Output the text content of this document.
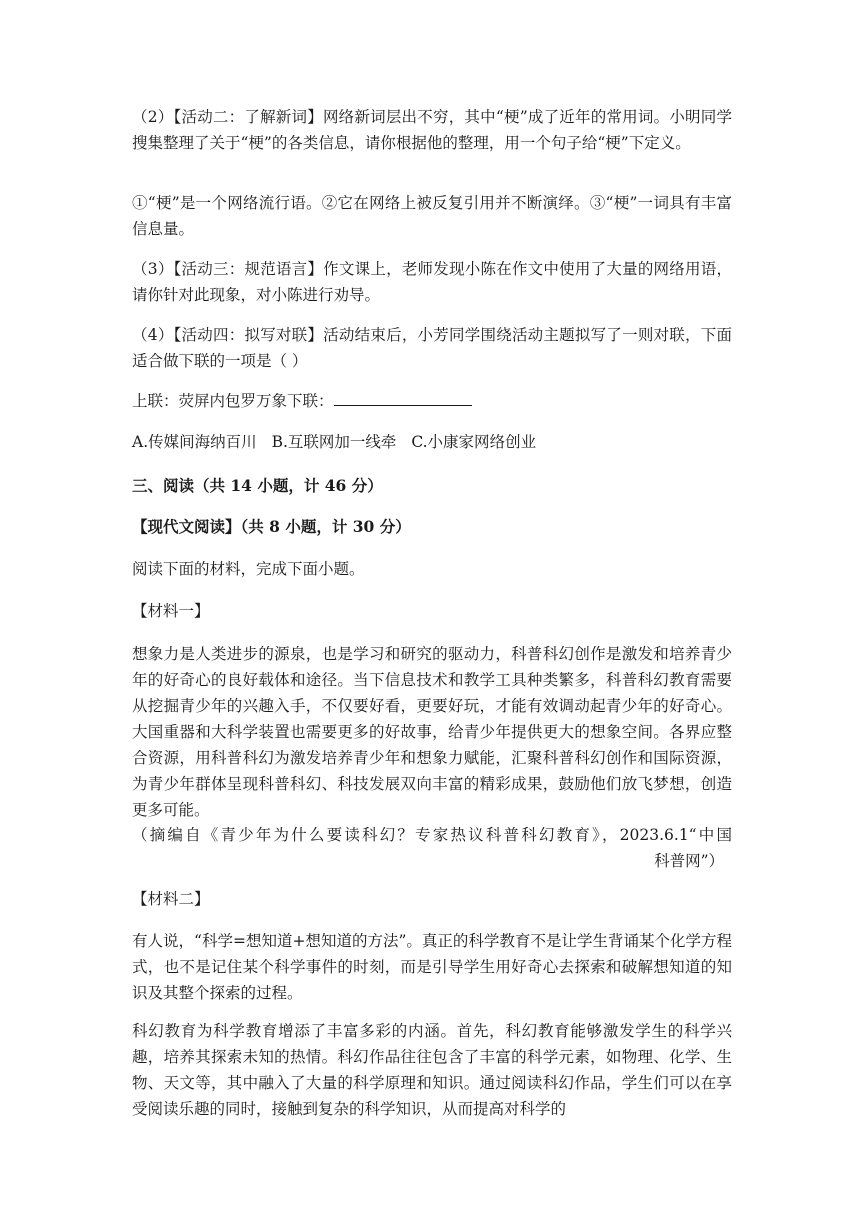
（2）【活动二：了解新词】网络新词层出不穷，其中“梗”成了近年的常用词。小明同学搜集整理了关于“梗”的各类信息，请你根据他的整理，用一个句子给“梗”下定义。

①“梗”是一个网络流行语。②它在网络上被反复引用并不断演绎。③“梗”一词具有丰富信息量。

（3）【活动三：规范语言】作文课上，老师发现小陈在作文中使用了大量的网络用语，请你针对此现象，对小陈进行劝导。

（4）【活动四：拟写对联】活动结束后，小芳同学围绕活动主题拟写了一则对联，下面适合做下联的一项是（ ）

上联：荧屏内包罗万象下联：

A.传媒间海纳百川 B.互联网加一线牵 C.小康家网络创业

三、阅读（共 14 小题，计 46 分）

【现代文阅读】（共 8 小题，计 30 分）

阅读下面的材料，完成下面小题。

【材料一】

想象力是人类进步的源泉，也是学习和研究的驱动力，科普科幻创作是激发和培养青少年的好奇心的良好载体和途径。当下信息技术和教学工具种类繁多，科普科幻教育需要从挖掘青少年的兴趣入手，不仅要好看，更要好玩，才能有效调动起青少年的好奇心。大国重器和大科学装置也需要更多的好故事，给青少年提供更大的想象空间。各界应整合资源，用科普科幻为激发培养青少年和想象力赋能，汇聚科普科幻创作和国际资源，为青少年群体呈现科普科幻、科技发展双向丰富的精彩成果，鼓励他们放飞梦想，创造更多可能。

（摘编自《青少年为什么要读科幻？专家热议科普科幻教育》，2023.6.1“中国
科普网”）

【材料二】

有人说，“科学=想知道+想知道的方法”。真正的科学教育不是让学生背诵某个化学方程式，也不是记住某个科学事件的时刻，而是引导学生用好奇心去探索和破解想知道的知识及其整个探索的过程。

科幻教育为科学教育增添了丰富多彩的内涵。首先，科幻教育能够激发学生的科学兴趣，培养其探索未知的热情。科幻作品往往包含了丰富的科学元素，如物理、化学、生物、天文等，其中融入了大量的科学原理和知识。通过阅读科幻作品，学生们可以在享受阅读乐趣的同时，接触到复杂的科学知识，从而提高对科学的
